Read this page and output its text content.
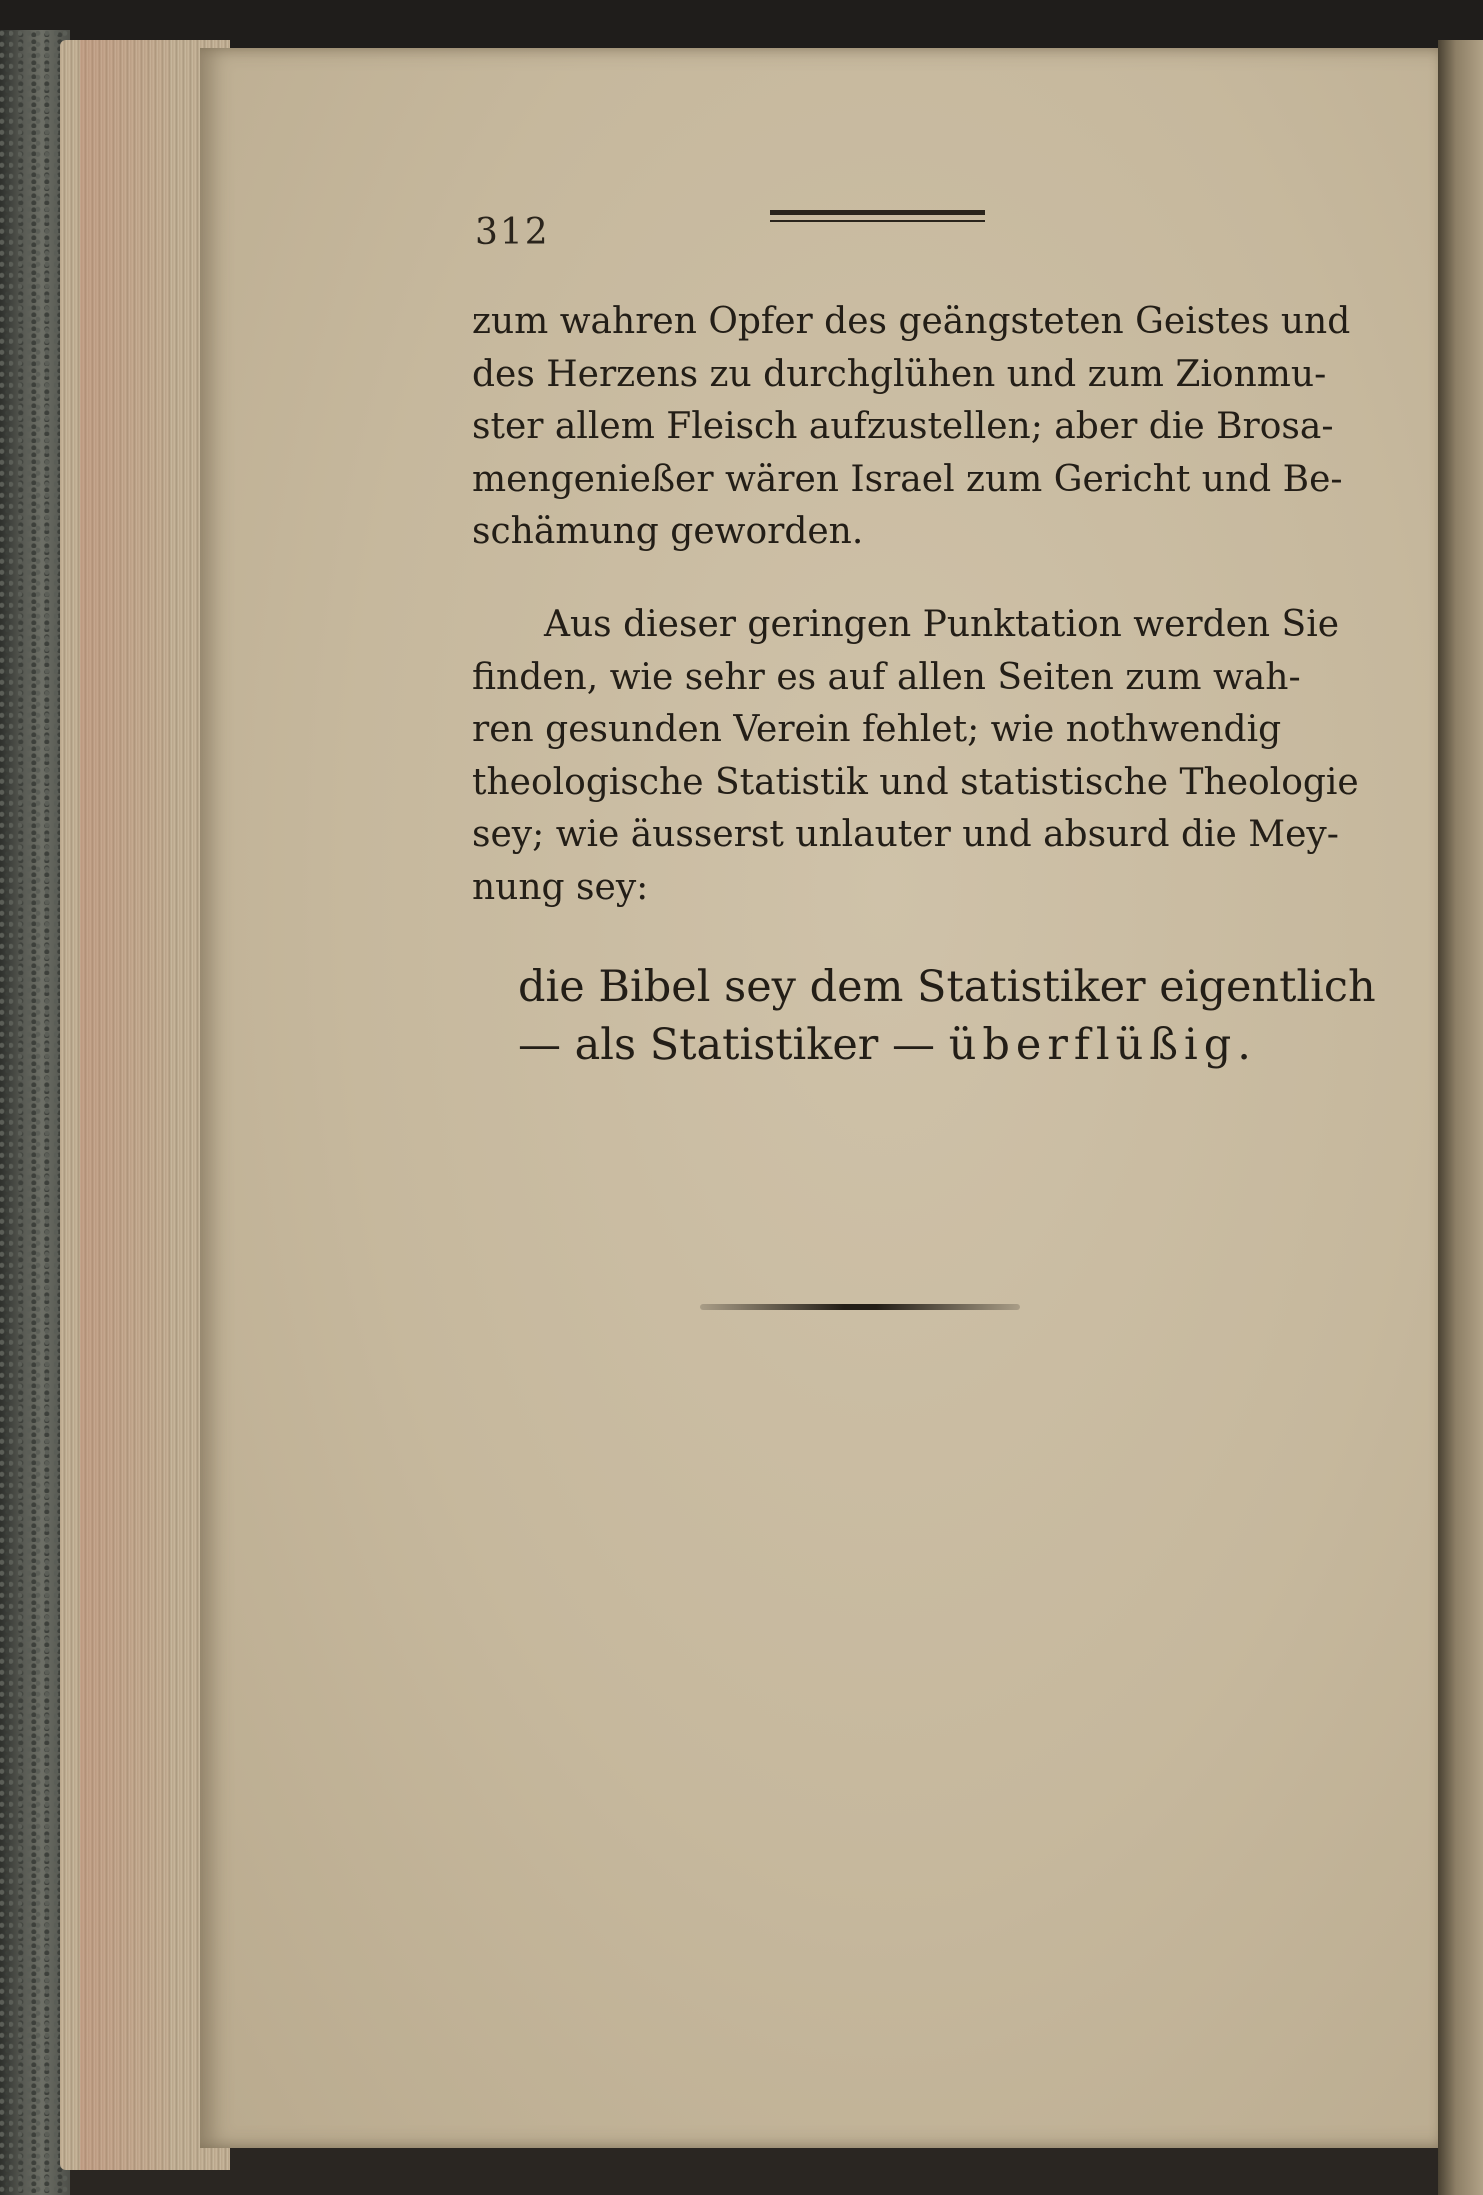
312
zum wahren Opfer des geängsteten Geistes und
des Herzens zu durchglühen und zum Zionmu-
ster allem Fleisch aufzustellen; aber die Brosa-
mengenießer wären Israel zum Gericht und Be-
schämung geworden.
Aus dieser geringen Punktation werden Sie
finden, wie sehr es auf allen Seiten zum wah-
ren gesunden Verein fehlet; wie nothwendig
theologische Statistik und statistische Theologie
sey; wie äusserst unlauter und absurd die Mey-
nung sey:
die Bibel sey dem Statistiker eigentlich
— als Statistiker — überflüßig.
